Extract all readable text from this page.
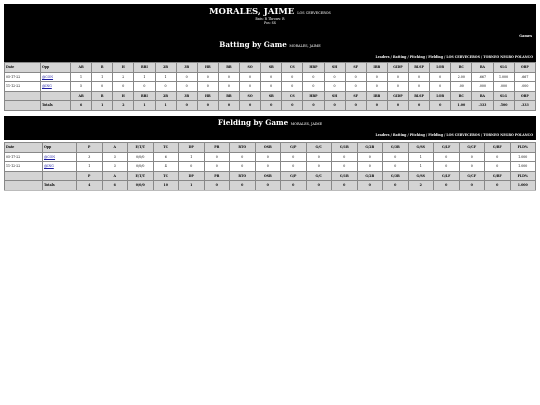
MORALES, JAIME LOS CERVECEROS
Bats: R Throws: R
Pos: SS
Games
Batting by Game MORALES, JAIME
Leaders / Batting / Pitching / Fielding / LOS CERVECEROS / TORNEO NEGRO POLANCO
Date	Opp	AB	R	H	RBI	2B	3B	HR	BB	SO	SB	CS	HBP	SH	SF	IBB	GIDP	BLSP	LOB	RC	BA	SLG	OBP
05-17-22	@CON	1	1	2	1	1	0	0	0	0	0	0	0	0	0	0	0	0	0	2.00	.667	1.000	.667
11-12-22	@ING	5	0	0	0	0	0	0	0	0	0	0	0	0	0	0	0	0	0	.00	.000	.000	.000
		AB	R	H	RBI	2B	3B	HR	BB	SO	SB	CS	HBP	SH	SF	IBB	GIDP	BLSP	LOB	RC	BA	SLG	OBP
	Totals	6	1	2	1	1	0	0	0	0	0	0	0	0	0	0	0	0	0	1.00	.333	.500	.333
Fielding by Game MORALES, JAIME
Leaders / Batting / Pitching / Fielding / LOS CERVECEROS / TORNEO NEGRO POLANCO
Date	Opp	P	A	E/T/T	TC	DP	PB	RTO	OSB	G/P	G/C	G/1B	G/2B	G/3B	G/SS	G/LF	G/CF	G/RF	FLD%
05-17-22	@CON	3	3	0/0/0	6	1	0	0	0	0	0	0	0	0	1	0	0	0	1.000
11-12-22	@ING	1	3	0/0/0	4	0	0	0	0	0	0	0	0	0	1	0	0	0	1.000
		P	A	E/T/T	TC	DP	PB	RTO	OSB	G/P	G/C	G/1B	G/2B	G/3B	G/SS	G/LF	G/CF	G/RF	FLD%
	Totals	4	6	0/0/0	10	1	0	0	0	0	0	0	0	0	2	0	0	0	1.000
